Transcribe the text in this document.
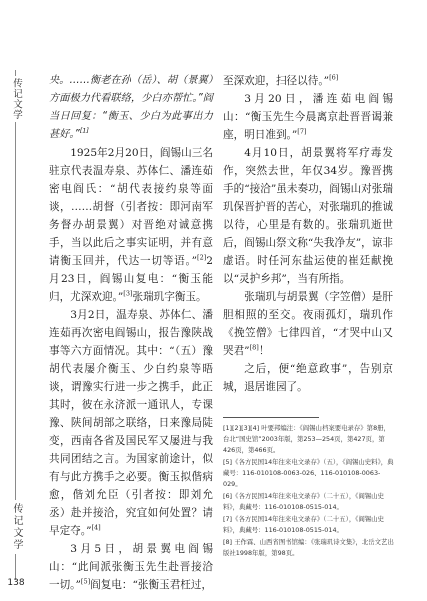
传记文学
传记文学
138

央。……衡老在孙（岳）、胡（景翼）方面极力代看联络，少白亦帮忙。”阎当日回复：“衡玉、少白为此事出力甚好。”[1]

1925年2月20日，阎锡山三名驻京代表温寿泉、苏体仁、潘连茹密电阎氏：“胡代表接约泉等面谈，……胡督（引者按：即河南军务督办胡景翼）对晋绝对诚意携手，当以此后之事实证明，并有意请衡玉回并，代达一切等语。”[2]2月23日，阎锡山复电：“衡玉能归，尤深欢迎。”[3]张瑞玑字衡玉。

3月2日，温寿泉、苏体仁、潘连茹再次密电阎锡山，报告豫陕战事等六方面情况。其中：“（五）豫胡代表屡介衡玉、少白约泉等晤谈，谓豫实行进一步之携手，此正其时，彼在永济派一通讯人，专课豫、陕间胡部之联络，日来豫局陡变，西南各省及国民军又屡进与我共同团结之言。为国家前途计，似有与此方携手之必要。衡玉拟偕病愈，偕刘允臣（引者按：即刘允丞）赴并接洽，究宜如何处置？请早定夺。”[4]

3月5日，胡景翼电阎锡山：“此间派张衡玉先生赴晋接洽一切。”[5]阎复电：“张衡玉君枉过，

至深欢迎，扫径以待。”[6]

3月20日，潘连茹电阎锡山：“衡玉先生今晨离京赴晋晋谒兼座，明日准到。”[7]

4月10日，胡景翼将军疗毒发作，突然去世，年仅34岁。豫晋携手的“接洽”虽未奏功，阎锡山对张瑞玑保晋护晋的苦心，对张瑞玑的推诚以待，心里是有数的。张瑞玑逝世后，阎锡山祭文称“失我净友”，谅非虚语。时任河东盐运使的崔廷献挽以“灵护乡邦”，当有所指。

张瑞玑与胡景翼（字笠僧）是肝胆相照的至交。夜雨孤灯，瑞玑作《挽笠僧》七律四首，“才哭中山又哭君”[8]！

之后，便“绝意政事”，告别京城，退居谁园了。

[1][2][3][4] 叶要邦编注：《阎锡山档案要电录存》第8册，台北“国史馆”2003年版，第253—254页，第427页，第426页，第466页。

[5]《各方民国14年往来电文录存》（五），《阎锡山史料》，典藏号：116-010108-0063-026、116-010108-0063-029。

[6]《各方民国14年往来电文录存》（二十五），《阎锡山史料》，典藏号：116-010108-0515-014。

[7]《各方民国14年往来电文录存》（二十五），《阎锡山史料》，典藏号：116-010108-0515-014。

[8] 王作霖、山西省图书馆编：《张瑞玑诗文集》，北岳文艺出版社1998年版，第98页。
